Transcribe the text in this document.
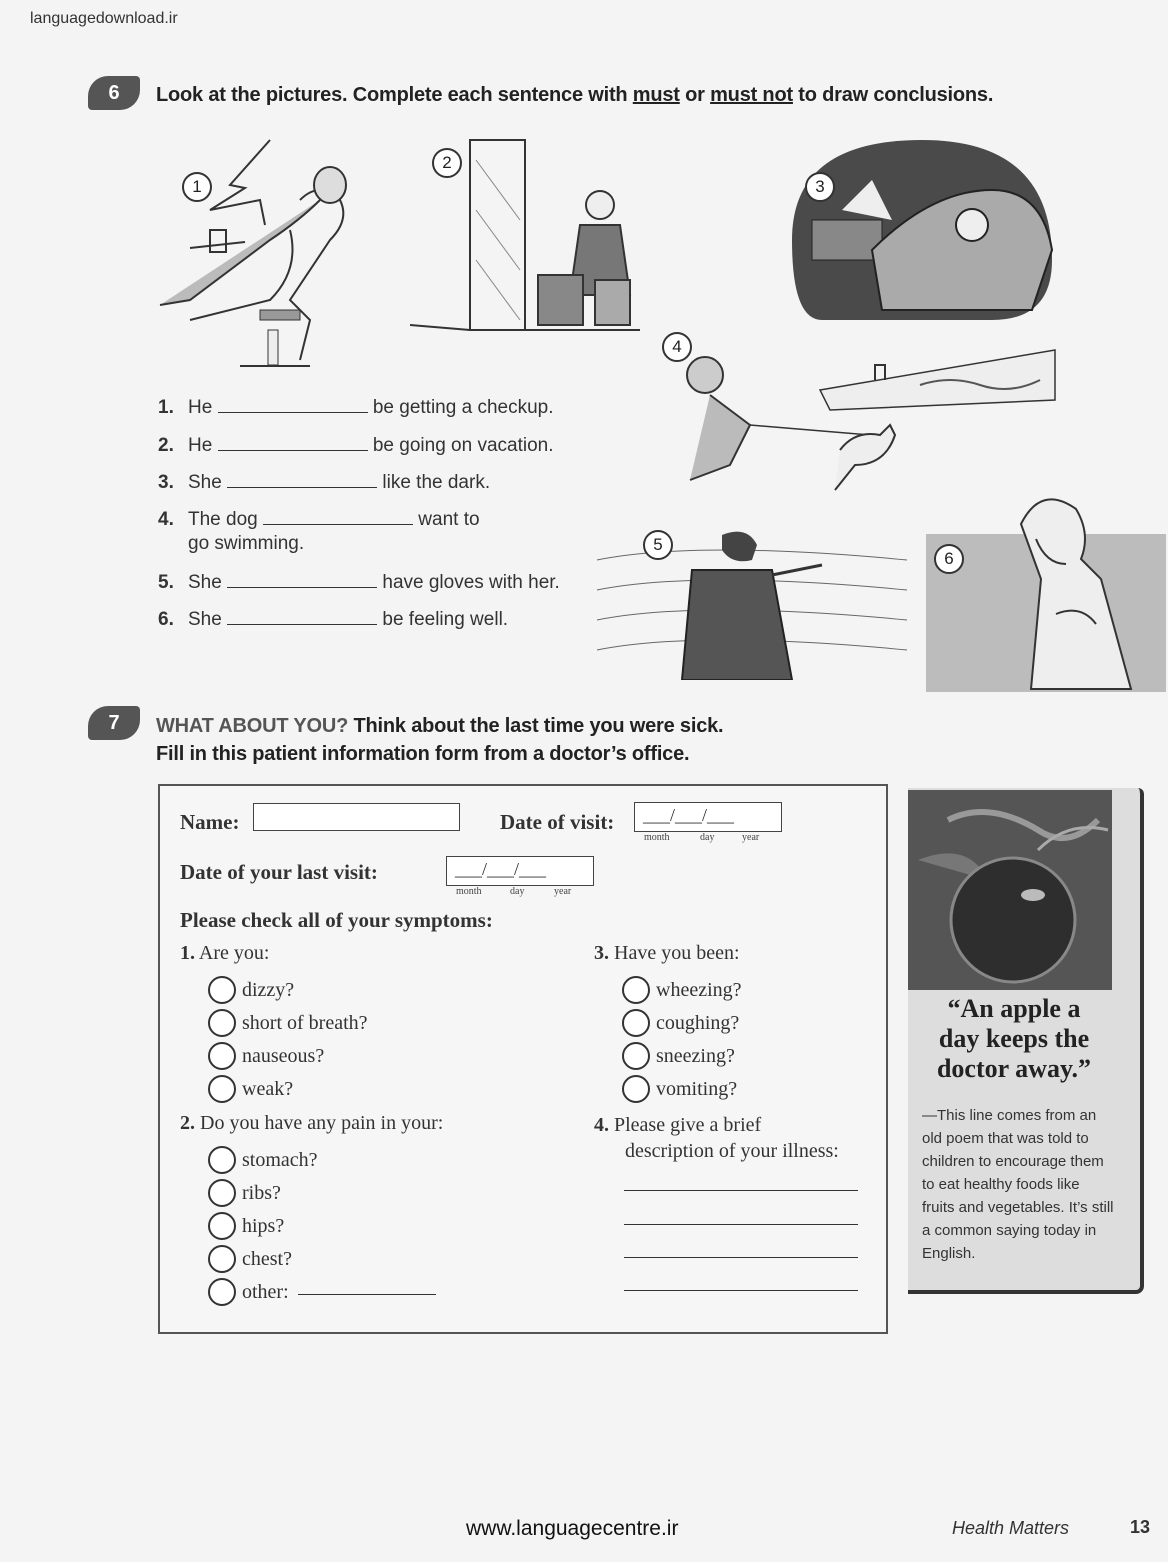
languagedownload.ir
6	Look at the pictures. Complete each sentence with must or must not to draw conclusions.
1
2
3
4
5
6
1. He	be getting a checkup.
2. He	be going on vacation.
3. She	like the dark.
4. The dog	want to
go swimming.
5. She	have gloves with her.
6. She	be feeling well.
7	WHAT ABOUT YOU? Think about the last time you were sick.
Fill in this patient information form from a doctor’s office.
Name:	Date of visit: ___/___/___
month	day	year
Date of your last visit:	___/___/___
month	day	year
Please check all of your symptoms:
1. Are you:
dizzy?
short of breath?
nauseous?
weak?
2. Do you have any pain in your:
stomach?
ribs?
hips?
chest?
other:
3. Have you been:
wheezing?
coughing?
sneezing?
vomiting?
4. Please give a brief
description of your illness:
“An apple a
day keeps the
doctor away.”
—This line comes from an
old poem that was told to
children to encourage them
to eat healthy foods like
fruits and vegetables. It’s still
a common saying today in
English.
www.languagecentre.ir	Health Matters	13
